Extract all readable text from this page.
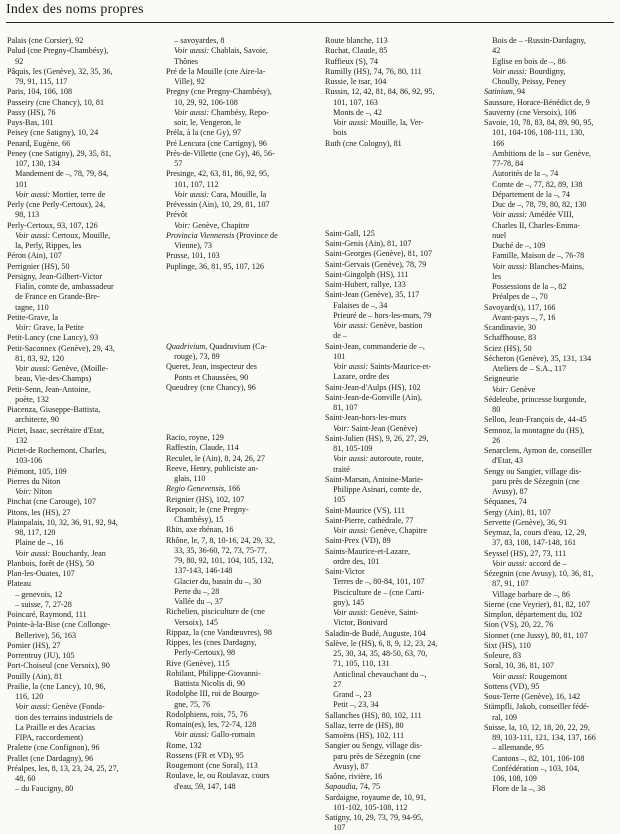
Index des noms propres
Palais (cne Corsier), 92
Palud (cne Pregny-Chambésy),
92
Pâquis, les (Genève), 32, 35, 36,
79, 91, 115, 117
Paris, 104, 106, 108
Passeiry (cne Chancy), 10, 81
Passy (HS), 76
Pays-Bas, 101
Peisey (cne Satigny), 10, 24
Penard, Eugène, 66
Peney (cne Satigny), 29, 35, 81,
107, 130, 134
Mandement de –, 78, 79, 84,
101
Voir aussi: Mortier, terre de
Perly (cne Perly-Certoux), 24,
98, 113
Perly-Certoux, 93, 107, 126
Voir aussi: Certoux, Mouille,
la, Perly, Rippes, les
Péron (Ain), 107
Perrignier (HS), 50
Persigny, Jean-Gilbert-Victor
Fialin, comte de, ambassadeur
de France en Grande-Bre-
tagne, 110
Petite-Grave, la
Voir: Grave, la Petite
Petit-Lancy (cne Lancy), 93
Petit-Saconnex (Genève), 29, 43,
81, 83, 92, 120
Voir aussi: Genève, (Moille-
beau, Vie-des-Champs)
Petit-Senn, Jean-Antoine,
poète, 132
Piacenza, Giuseppe-Battista,
architecte, 90
Pictet, Isaac, secrétaire d'Etat,
132
Pictet-de Rochemont, Charles,
103-106
Piémont, 105, 109
Pierres du Niton
Voir: Niton
Pinchat (cne Carouge), 107
Pitons, les (HS), 27
Plainpalais, 10, 32, 36, 91, 92, 94,
98, 117, 120
Plaine de –, 16
Voir aussi: Bouchardy, Jean
Planbois, forêt de (HS), 50
Plan-les-Ouates, 107
Plateau
– genevois, 12
– suisse, 7, 27-28
Poincaré, Raymond, 111
Pointe-à-la-Bise (cne Collonge-
Bellerive), 56, 163
Pomier (HS), 27
Porrentruy (JU), 105
Port-Choiseul (cne Versoix), 90
Pouilly (Ain), 81
Prailie, la (cne Lancy), 10, 96,
116, 120
Voir aussi: Genève (Fonda-
tion des terrains industriels de
La Praille et des Acacias
FIPA, raccordement)
Pralette (cne Confignon), 96
Prallet (cne Dardagny), 96
Préalpes, les, 8, 13, 23, 24, 25, 27,
48, 60
– du Faucigny, 80
– savoyardes, 8
Voir aussi: Chablais, Savoie,
Thônes
Pré de la Mouille (cne Aire-la-
Ville), 92
Pregny (cne Pregny-Chambésy),
10, 29, 92, 106-108
Voir aussi: Chambésy, Repo-
soir, le, Vengeron, le
Préla, à la (cne Gy), 97
Pré Lencura (cne Cartigny), 96
Prés-de-Villette (cne Gy), 46, 56-
57
Presinge, 42, 63, 81, 86, 92, 95,
101, 107, 112
Voir aussi: Cara, Mouille, la
Prévessin (Ain), 10, 29, 81, 107
Prévôt
Voir: Genève, Chapitre
Provincia Viennensis (Province de
Vienne), 73
Prusse, 101, 103
Puplinge, 36, 81, 95, 107, 126
Quadrivium, Quadruvium (Ca-
rouge), 73, 89
Queret, Jean, inspecteur des
Ponts et Chaussées, 90
Queudrey (cne Chancy), 96
Racio, royne, 129
Raffestin, Claude, 114
Reculet, le (Ain), 8, 24, 26, 27
Reeve, Henry, publiciste an-
glais, 110
Regio Genevensis, 166
Reignier (HS), 102, 107
Reposoir, le (cne Pregny-
Chambésy), 15
Rhin, axe rhénan, 16
Rhône, le, 7, 8, 10-16, 24, 29, 32,
33, 35, 36-60, 72, 73, 75-77,
79, 80, 92, 101, 104, 105, 132,
137-143, 146-148
Glacier du, bassin du –, 30
Perte du –, 28
Vallée du –, 37
Richelien, pisciculture de (cne
Versoix), 145
Rippaz, la (cne Vandœuvres), 98
Rippes, les (cnes Dardagny,
Perly-Certoux), 98
Rive (Genève), 115
Robilant, Philippe-Giovanni-
Battista Nicolis di, 90
Rodolphe III, roi de Bourgo-
gne, 75, 76
Rodolphiens, rois, 75, 76
Romain(es), les, 72-74, 128
Voir aussi: Gallo-romain
Rome, 132
Rossens (FR et VD), 95
Rougemont (cne Soral), 113
Roulave, le, ou Roulavaz, cours
d'eau, 59, 147, 148
Route blanche, 113
Ruchat, Claude, 85
Ruffieux (S), 74
Rumilly (HS), 74, 76, 80, 111
Russie, le tsar, 104
Russin, 12, 42, 81, 84, 86, 92, 95,
101, 107, 163
Monts de –, 42
Voir aussi: Mouille, la, Ver-
bois
Ruth (cne Cologny), 81
Saint-Gall, 125
Saint-Genis (Ain), 81, 107
Saint-Georges (Genève), 81, 107
Saint-Gervais (Genève), 78, 79
Saint-Gingolph (HS), 111
Saint-Hubert, rallye, 133
Saint-Jean (Genève), 35, 117
Falaises de –, 34
Prieuré de – hors-les-murs, 79
Voir aussi: Genève, bastion
de –
Saint-Jean, commanderie de –,
101
Voir aussi: Saints-Maurice-et-
Lazare, ordre des
Saint-Jean-d'Aulps (HS), 102
Saint-Jean-de-Gonville (Ain),
81, 107
Saint-Jean-hors-les-murs
Voir: Saint-Jean (Genève)
Saint-Julien (HS), 9, 26, 27, 29,
81, 105-109
Voir aussi: autoroute, route,
traité
Saint-Marsan, Antoine-Marie-
Philippe Asinari, comte de,
105
Saint-Maurice (VS), 111
Saint-Pierre, cathédrale, 77
Voir aussi: Genève, Chapitre
Saint-Prex (VD), 89
Saints-Maurice-et-Lazare,
ordre des, 101
Saint-Victor
Terres de –, 80-84, 101, 107
Pisciculture de – (cne Carti-
gny), 145
Voir aussi: Genève, Saint-
Victor, Bonivard
Saladin-de Budé, Auguste, 104
Salève, le (HS), 6, 8, 9, 12, 23, 24,
25, 30, 34, 35, 48-50, 63, 70,
71, 105, 110, 131
Anticlinal chevauchant du –,
27
Grand –, 23
Petit –, 23, 34
Sallanches (HS), 80, 102, 111
Sallaz, terre de (HS), 80
Samoëns (HS), 102, 111
Sangier ou Sengy, village dis-
paru près de Sézegnin (cne
Avusy), 87
Saône, rivière, 16
Sapaudia, 74, 75
Sardaigne, royaume de, 10, 91,
101-102, 105-108, 112
Satigny, 10, 29, 73, 79, 94-95,
107
Bois de – -Russin-Dardagny,
42
Eglise en bois de –, 86
Voir aussi: Bourdigny,
Choully, Peissy, Peney
Satinium, 94
Saussure, Horace-Bénédict de, 9
Sauverny (cne Versoix), 106
Savoie, 10, 78, 83, 84, 89, 90, 95,
101, 104-106, 108-111, 130,
166
Ambitions de la – sur Genève,
77-78, 84
Autorités de la –, 74
Comte de –, 77, 82, 89, 138
Département de la –, 74
Duc de –, 78, 79, 80, 82, 130
Voir aussi: Amédée VIII,
Charles II, Charles-Emma-
nuel
Duché de –, 109
Famille, Maison de –, 76-78
Voir aussi: Blanches-Mains,
les
Possessions de la –, 82
Préalpes de –, 70
Savoyard(s), 117, 166
Avant-pays –, 7, 16
Scandinavie, 30
Schaffhouse, 83
Sciez (HS), 50
Sécheron (Genève), 35, 131, 134
Ateliers de – S.A., 117
Seigneurie
Voir: Genève
Sédeleube, princesse burgonde,
80
Sellon, Jean-François de, 44-45
Semnoz, la montagne du (HS),
26
Senarclens, Aymon de, conseiller
d'Etat, 43
Sengy ou Sangier, village dis-
paru près de Sézegnin (cne
Avusy), 87
Séquanes, 74
Sergy (Ain), 81, 107
Servette (Genève), 36, 91
Seymaz, la, cours d'eau, 12, 29,
37, 83, 108, 147-148, 161
Seyssel (HS), 27, 73, 111
Voir aussi: accord de –
Sézegnin (cne Avusy), 10, 36, 81,
87, 91, 107
Village barbare de –, 86
Sierne (cne Veyrier), 81, 82, 107
Simplon, département du, 102
Sion (VS), 20, 22, 76
Sionnet (cne Jussy), 80, 81, 107
Sixt (HS), 110
Soleure, 83
Soral, 10, 36, 81, 107
Voir aussi: Rougemont
Sottens (VD), 95
Sous-Terre (Genève), 16, 142
Stämpfli, Jakob, conseiller fédé-
ral, 109
Suisse, la, 10, 12, 18, 20, 22, 29,
89, 103-111, 121, 134, 137, 166
– allemande, 95
Cantons –, 82, 101, 106-108
Confédération –, 103, 104,
106, 108, 109
Flore de la –, 38
